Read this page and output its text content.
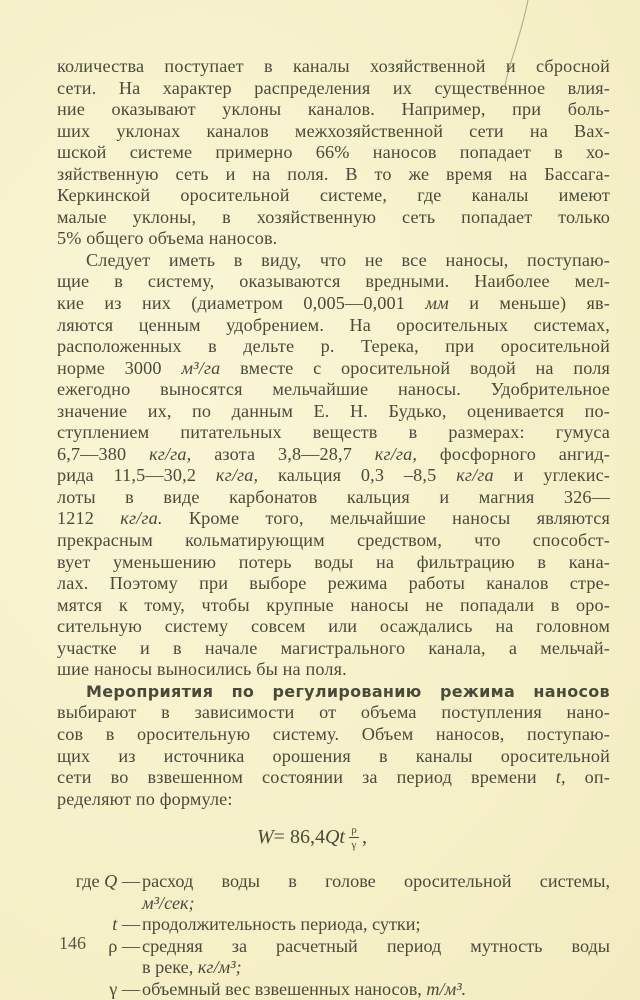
количества поступает в каналы хозяйственной и сбросной
сети. На характер распределения их существенное влия-
ние оказывают уклоны каналов. Например, при боль-
ших уклонах каналов межхозяйственной сети на Вах-
шской системе примерно 66% наносов попадает в хо-
зяйственную сеть и на поля. В то же время на Бассага-
Керкинской оросительной системе, где каналы имеют
малые уклоны, в хозяйственную сеть попадает только
5% общего объема наносов.
Следует иметь в виду, что не все наносы, поступаю-
щие в систему, оказываются вредными. Наиболее мел-
кие из них (диаметром 0,005—0,001 мм и меньше) яв-
ляются ценным удобрением. На оросительных системах,
расположенных в дельте р. Терека, при оросительной
норме 3000 м³/га вместе с оросительной водой на поля
ежегодно выносятся мельчайшие наносы. Удобрительное
значение их, по данным Е. Н. Будько, оценивается по-
ступлением питательных веществ в размерах: гумуса
6,7—380 кг/га, азота 3,8—28,7 кг/га, фосфорного ангид-
рида 11,5—30,2 кг/га, кальция 0,3 –8,5 кг/га и углекис-
лоты в виде карбонатов кальция и магния 326—
1212 кг/га. Кроме того, мельчайшие наносы являются
прекрасным кольматирующим средством, что способст-
вует уменьшению потерь воды на фильтрацию в кана-
лах. Поэтому при выборе режима работы каналов стре-
мятся к тому, чтобы крупные наносы не попадали в оро-
сительную систему совсем или осаждались на головном
участке и в начале магистрального канала, а мельчай-
шие наносы выносились бы на поля.
Мероприятия по регулированию режима наносов
выбирают в зависимости от объема поступления нано-
сов в оросительную систему. Объем наносов, поступаю-
щих из источника орошения в каналы оросительной
сети во взвешенном состоянии за период времени t, оп-
ределяют по формуле:
W = 86,4 Qt $\frac{\rho}{\gamma}$ ,
где Q — расход воды в голове оросительной системы,
м³/сек;
t — продолжительность периода, сутки;
ρ — средняя за расчетный период мутность воды
в реке, кг/м³;
γ — объемный вес взвешенных наносов, т/м³.
146
